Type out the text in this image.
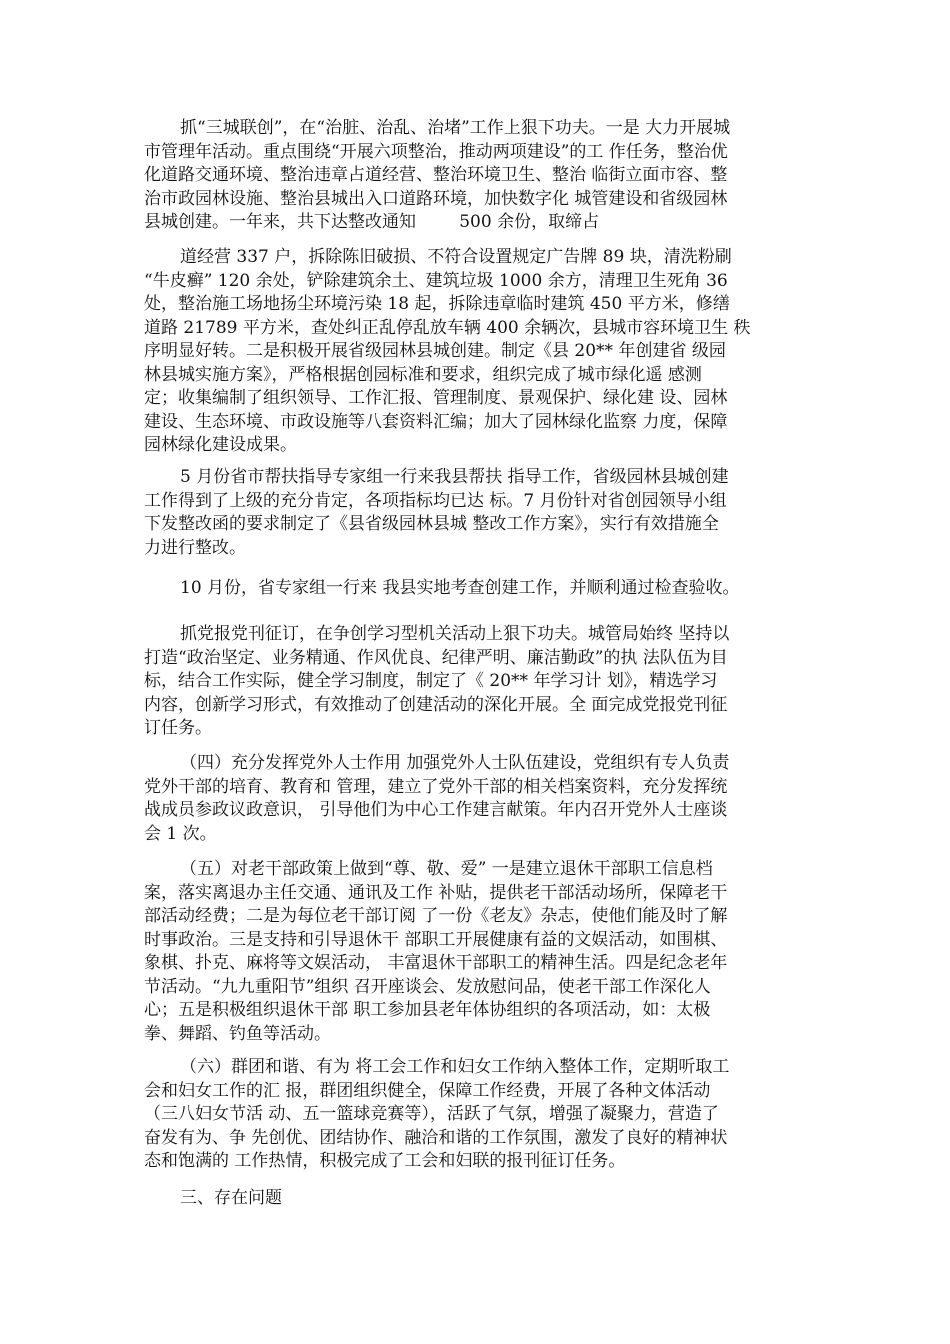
抓“三城联创”，在“治脏、治乱、治堵”工作上狠下功夫。一是 大力开展城
市管理年活动。重点围绕“开展六项整治，推动两项建设”的工 作任务，整治优
化道路交通环境、整治违章占道经营、整治环境卫生、整治 临街立面市容、整
治市政园林设施、整治县城出入口道路环境，加快数字化 城管建设和省级园林
县城创建。一年来，共下达整改通知        500 余份，取缔占
道经营 337 户，拆除陈旧破损、不符合设置规定广告牌 89 块，清洗粉刷
“牛皮癣” 120 余处，铲除建筑余土、建筑垃圾 1000 余方，清理卫生死角 36
处，整治施工场地扬尘环境污染 18 起，拆除违章临时建筑 450 平方米，修缮
道路 21789 平方米，查处纠正乱停乱放车辆 400 余辆次，县城市容环境卫生 秩
序明显好转。二是积极开展省级园林县城创建。制定《县 20** 年创建省 级园
林县城实施方案》，严格根据创园标准和要求，组织完成了城市绿化遥 感测
定；收集编制了组织领导、工作汇报、管理制度、景观保护、绿化建 设、园林
建设、生态环境、市政设施等八套资料汇编；加大了园林绿化监察 力度，保障
园林绿化建设成果。
5 月份省市帮扶指导专家组一行来我县帮扶 指导工作，省级园林县城创建
工作得到了上级的充分肯定，各项指标均已达 标。7 月份针对省创园领导小组
下发整改函的要求制定了《县省级园林县城 整改工作方案》，实行有效措施全
力进行整改。
10 月份，省专家组一行来 我县实地考查创建工作，并顺利通过检查验收。
抓党报党刊征订，在争创学习型机关活动上狠下功夫。城管局始终 坚持以
打造“政治坚定、业务精通、作风优良、纪律严明、廉洁勤政”的执 法队伍为目
标，结合工作实际，健全学习制度，制定了《 20** 年学习计 划》，精选学习
内容，创新学习形式，有效推动了创建活动的深化开展。全 面完成党报党刊征
订任务。
（四）充分发挥党外人士作用 加强党外人士队伍建设，党组织有专人负责
党外干部的培育、教育和 管理，建立了党外干部的相关档案资料，充分发挥统
战成员参政议政意识， 引导他们为中心工作建言献策。年内召开党外人士座谈
会 1 次。
（五）对老干部政策上做到“尊、敬、爱” 一是建立退休干部职工信息档
案，落实离退办主任交通、通讯及工作 补贴，提供老干部活动场所，保障老干
部活动经费；二是为每位老干部订阅 了一份《老友》杂志，使他们能及时了解
时事政治。三是支持和引导退休干 部职工开展健康有益的文娱活动，如围棋、
象棋、扑克、麻将等文娱活动， 丰富退休干部职工的精神生活。四是纪念老年
节活动。“九九重阳节”组织 召开座谈会、发放慰问品，使老干部工作深化人
心；五是积极组织退休干部 职工参加县老年体协组织的各项活动，如：太极
拳、舞蹈、钓鱼等活动。
（六）群团和谐、有为 将工会工作和妇女工作纳入整体工作，定期听取工
会和妇女工作的汇 报，群团组织健全，保障工作经费，开展了各种文体活动
（三八妇女节活 动、五一篮球竞赛等），活跃了气氛，增强了凝聚力，营造了
奋发有为、争 先创优、团结协作、融洽和谐的工作氛围，激发了良好的精神状
态和饱满的 工作热情，积极完成了工会和妇联的报刊征订任务。
三、存在问题
